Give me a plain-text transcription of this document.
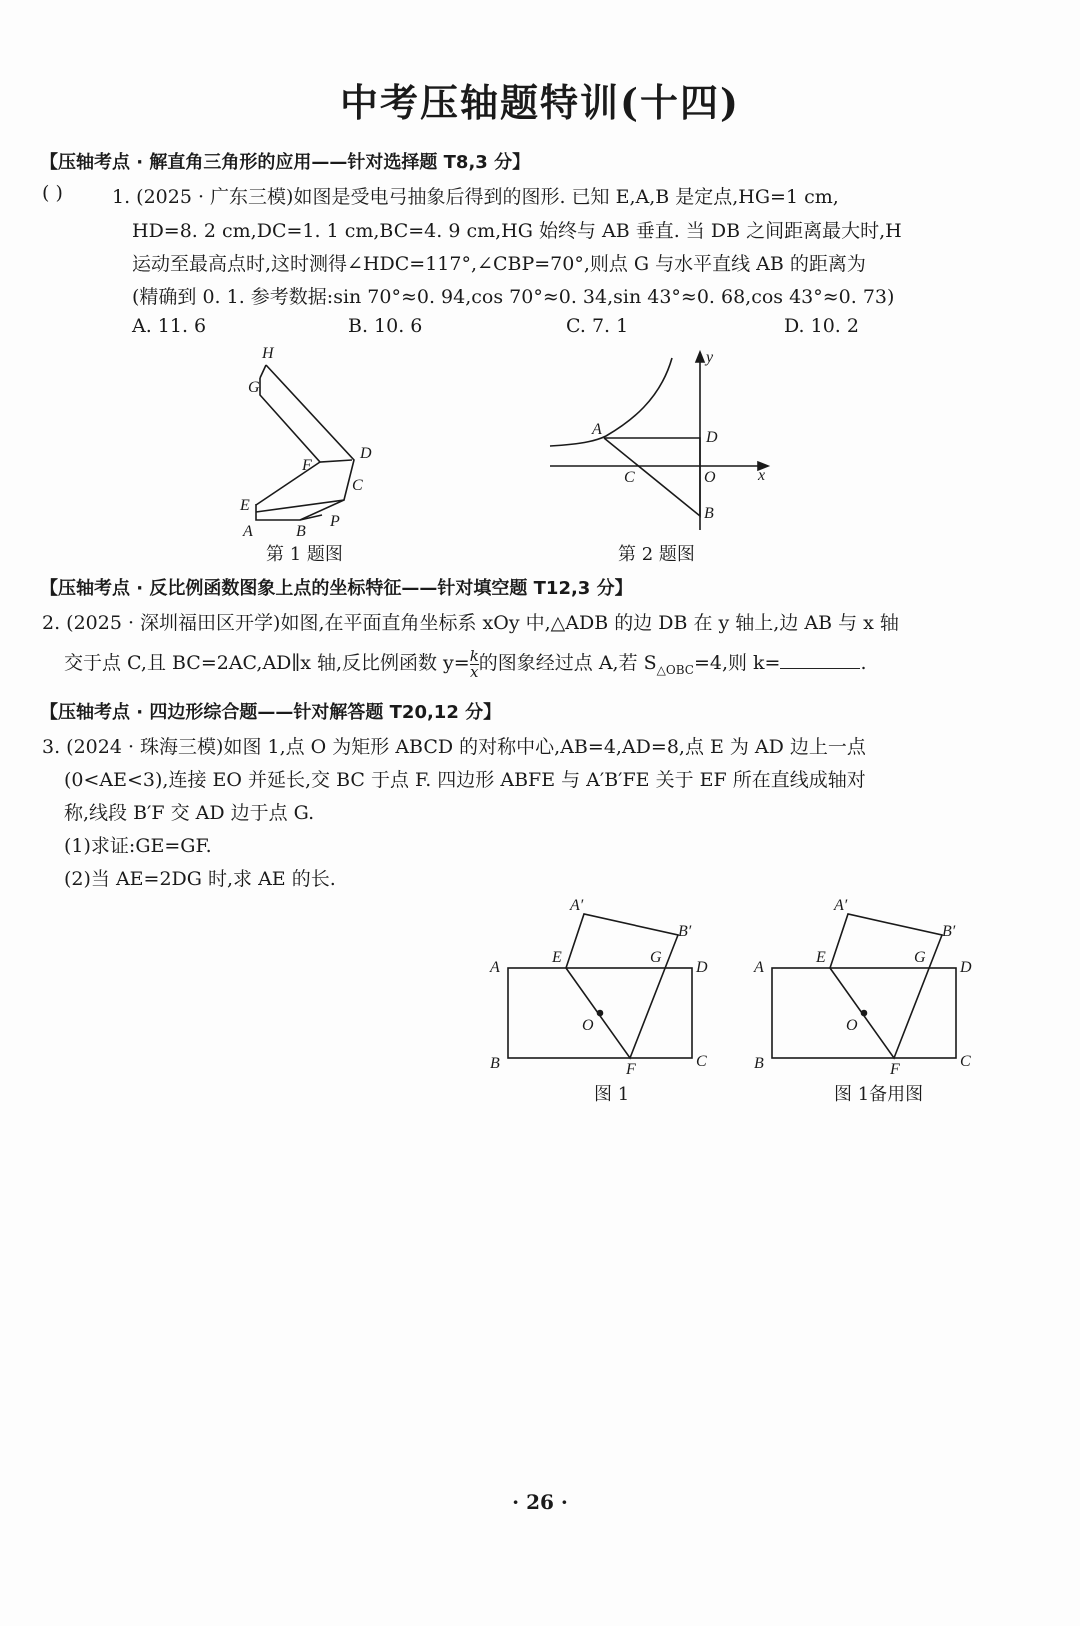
中考压轴题特训(十四)
【压轴考点 · 解直角三角形的应用——针对选择题 T8,3 分】
( )	1. (2025 · 广东三模)如图是受电弓抽象后得到的图形. 已知 E,A,B 是定点,HG=1 cm,
HD=8. 2 cm,DC=1. 1 cm,BC=4. 9 cm,HG 始终与 AB 垂直. 当 DB 之间距离最大时,H
运动至最高点时,这时测得∠HDC=117°,∠CBP=70°,则点 G 与水平直线 AB 的距离为
(精确到 0. 1. 参考数据:sin 70°≈0. 94,cos 70°≈0. 34,sin 43°≈0. 68,cos 43°≈0. 73)
A. 11. 6	B. 10. 6	C. 7. 1	D. 10. 2
H
G
D
F
C
E
A	B
P
y
A	D
C	O	x
B
A′
B′
A
E	G
D
O
B	F	C
A′
B′
A
E	G
D
O
B	F	C
第 1 题图	第 2 题图
【压轴考点 · 反比例函数图象上点的坐标特征——针对填空题 T12,3 分】
2. (2025 · 深圳福田区开学)如图,在平面直角坐标系 xOy 中,△ADB 的边 DB 在 y 轴上,边 AB 与 x 轴
交于点 C,且 BC=2AC,AD∥x 轴,反比例函数 $y= \frac{k}{x}$ 的图象经过点 A,若 $S_{\triangle OBC}=4$,则 k=	.
【压轴考点 · 四边形综合题——针对解答题 T20,12 分】
3. (2024 · 珠海三模)如图 1,点 O 为矩形 ABCD 的对称中心,AB=4,AD=8,点 E 为 AD 边上一点
(0<AE<3),连接 EO 并延长,交 BC 于点 F. 四边形 ABFE 与 A′B′FE 关于 EF 所在直线成轴对
称,线段 B′F 交 AD 边于点 G.
(1)求证:GE=GF.
(2)当 AE=2DG 时,求 AE 的长.
图 1	图 1备用图
· 26 ·
